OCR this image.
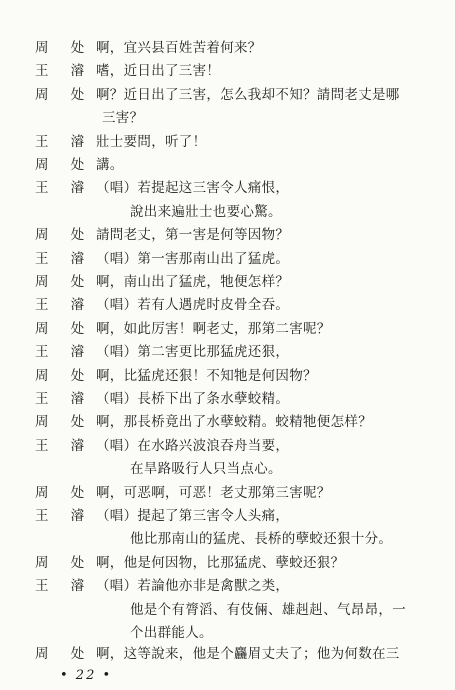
周 处 啊，宜兴县百姓苦着何来？
王 濬 嗜，近日出了三害！
周 处 啊？近日出了三害，怎么我却不知？請問老丈是哪
三害？
王 濬 壯士要問，听了！
周 处 講。
王 濬 （唱）若提起这三害令人痛恨，
說出来遍壯士也要心驚。
周 处 請問老丈，第一害是何等因物？
王 濬 （唱）第一害那南山出了猛虎。
周 处 啊，南山出了猛虎，牠便怎样？
王 濬 （唱）若有人遇虎时皮骨全吞。
周 处 啊，如此厉害！啊老丈，那第二害呢？
王 濬 （唱）第二害更比那猛虎还狠，
周 处 啊，比猛虎还狠！不知牠是何因物？
王 濬 （唱）長桥下出了条水孽蛟精。
周 处 啊，那長桥竟出了水孽蛟精。蛟精牠便怎样？
王 濬 （唱）在水路兴波浪吞舟当要，
在旱路吸行人只当点心。
周 处 啊，可恶啊，可恶！老丈那第三害呢？
王 濬 （唱）提起了第三害令人头痛，
他比那南山的猛虎、長桥的孽蛟还狠十分。
周 处 啊，他是何因物，比那猛虎、孽蛟还狠？
王 濬 （唱）若論他亦非是禽獸之类，
他是个有膂滔、有伎倆、雄赳赳、气昂昂，一
个出群能人。
周 处 啊，这等說来，他是个麤眉丈夫了；他为何数在三
• 22 •
